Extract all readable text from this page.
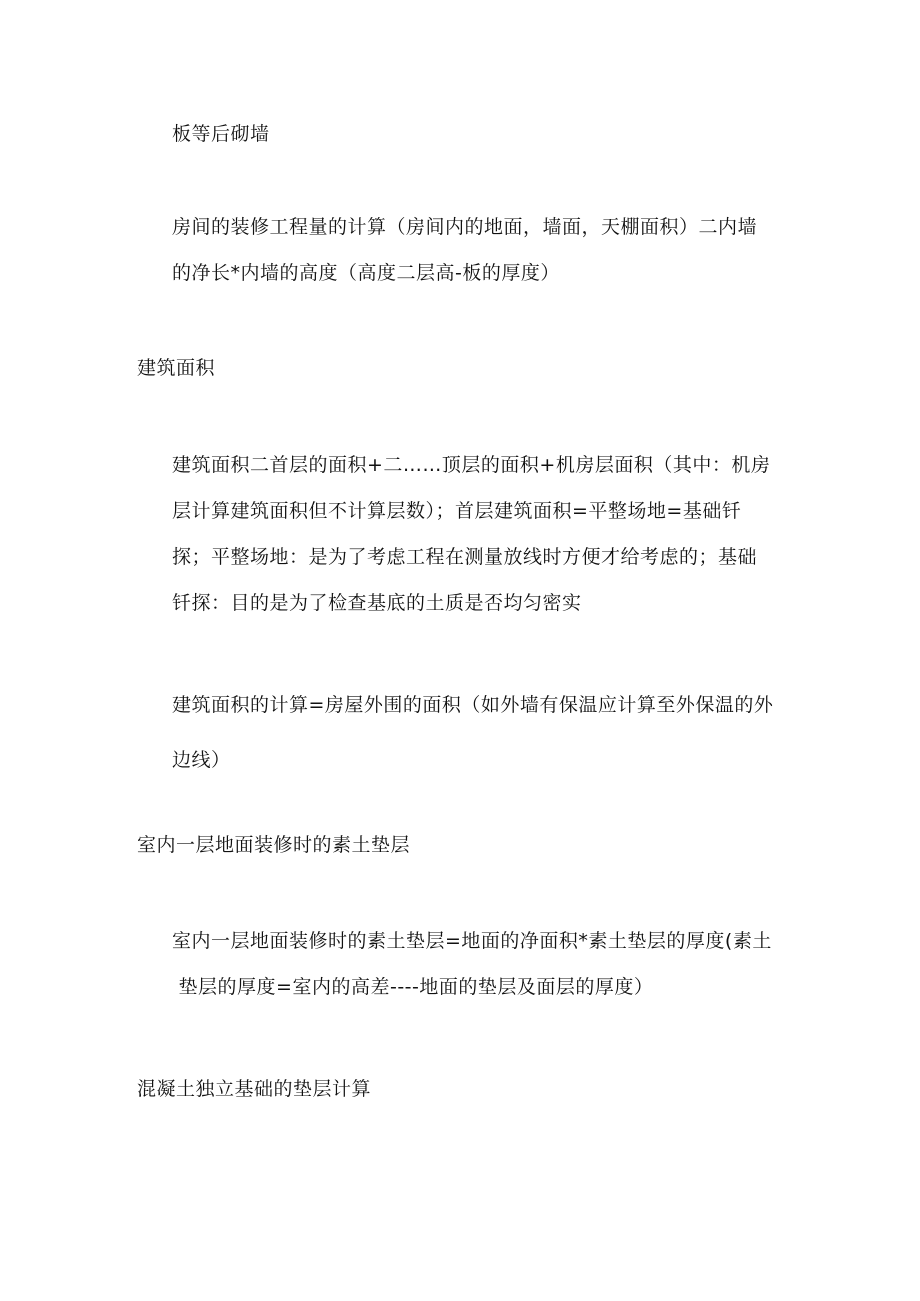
板等后砌墙
房间的装修工程量的计算（房间内的地面，墙面，天棚面积）二内墙
的净长*内墙的高度（高度二层高-板的厚度）
建筑面积
建筑面积二首层的面积+二……顶层的面积+机房层面积（其中：机房
层计算建筑面积但不计算层数）；首层建筑面积=平整场地=基础钎
探；平整场地：是为了考虑工程在测量放线时方便才给考虑的；基础
钎探：目的是为了检查基底的土质是否均匀密实
建筑面积的计算=房屋外围的面积（如外墙有保温应计算至外保温的外
边线）
室内一层地面装修时的素土垫层
室内一层地面装修时的素土垫层=地面的净面积*素土垫层的厚度(素土
垫层的厚度=室内的高差----地面的垫层及面层的厚度）
混凝土独立基础的垫层计算
